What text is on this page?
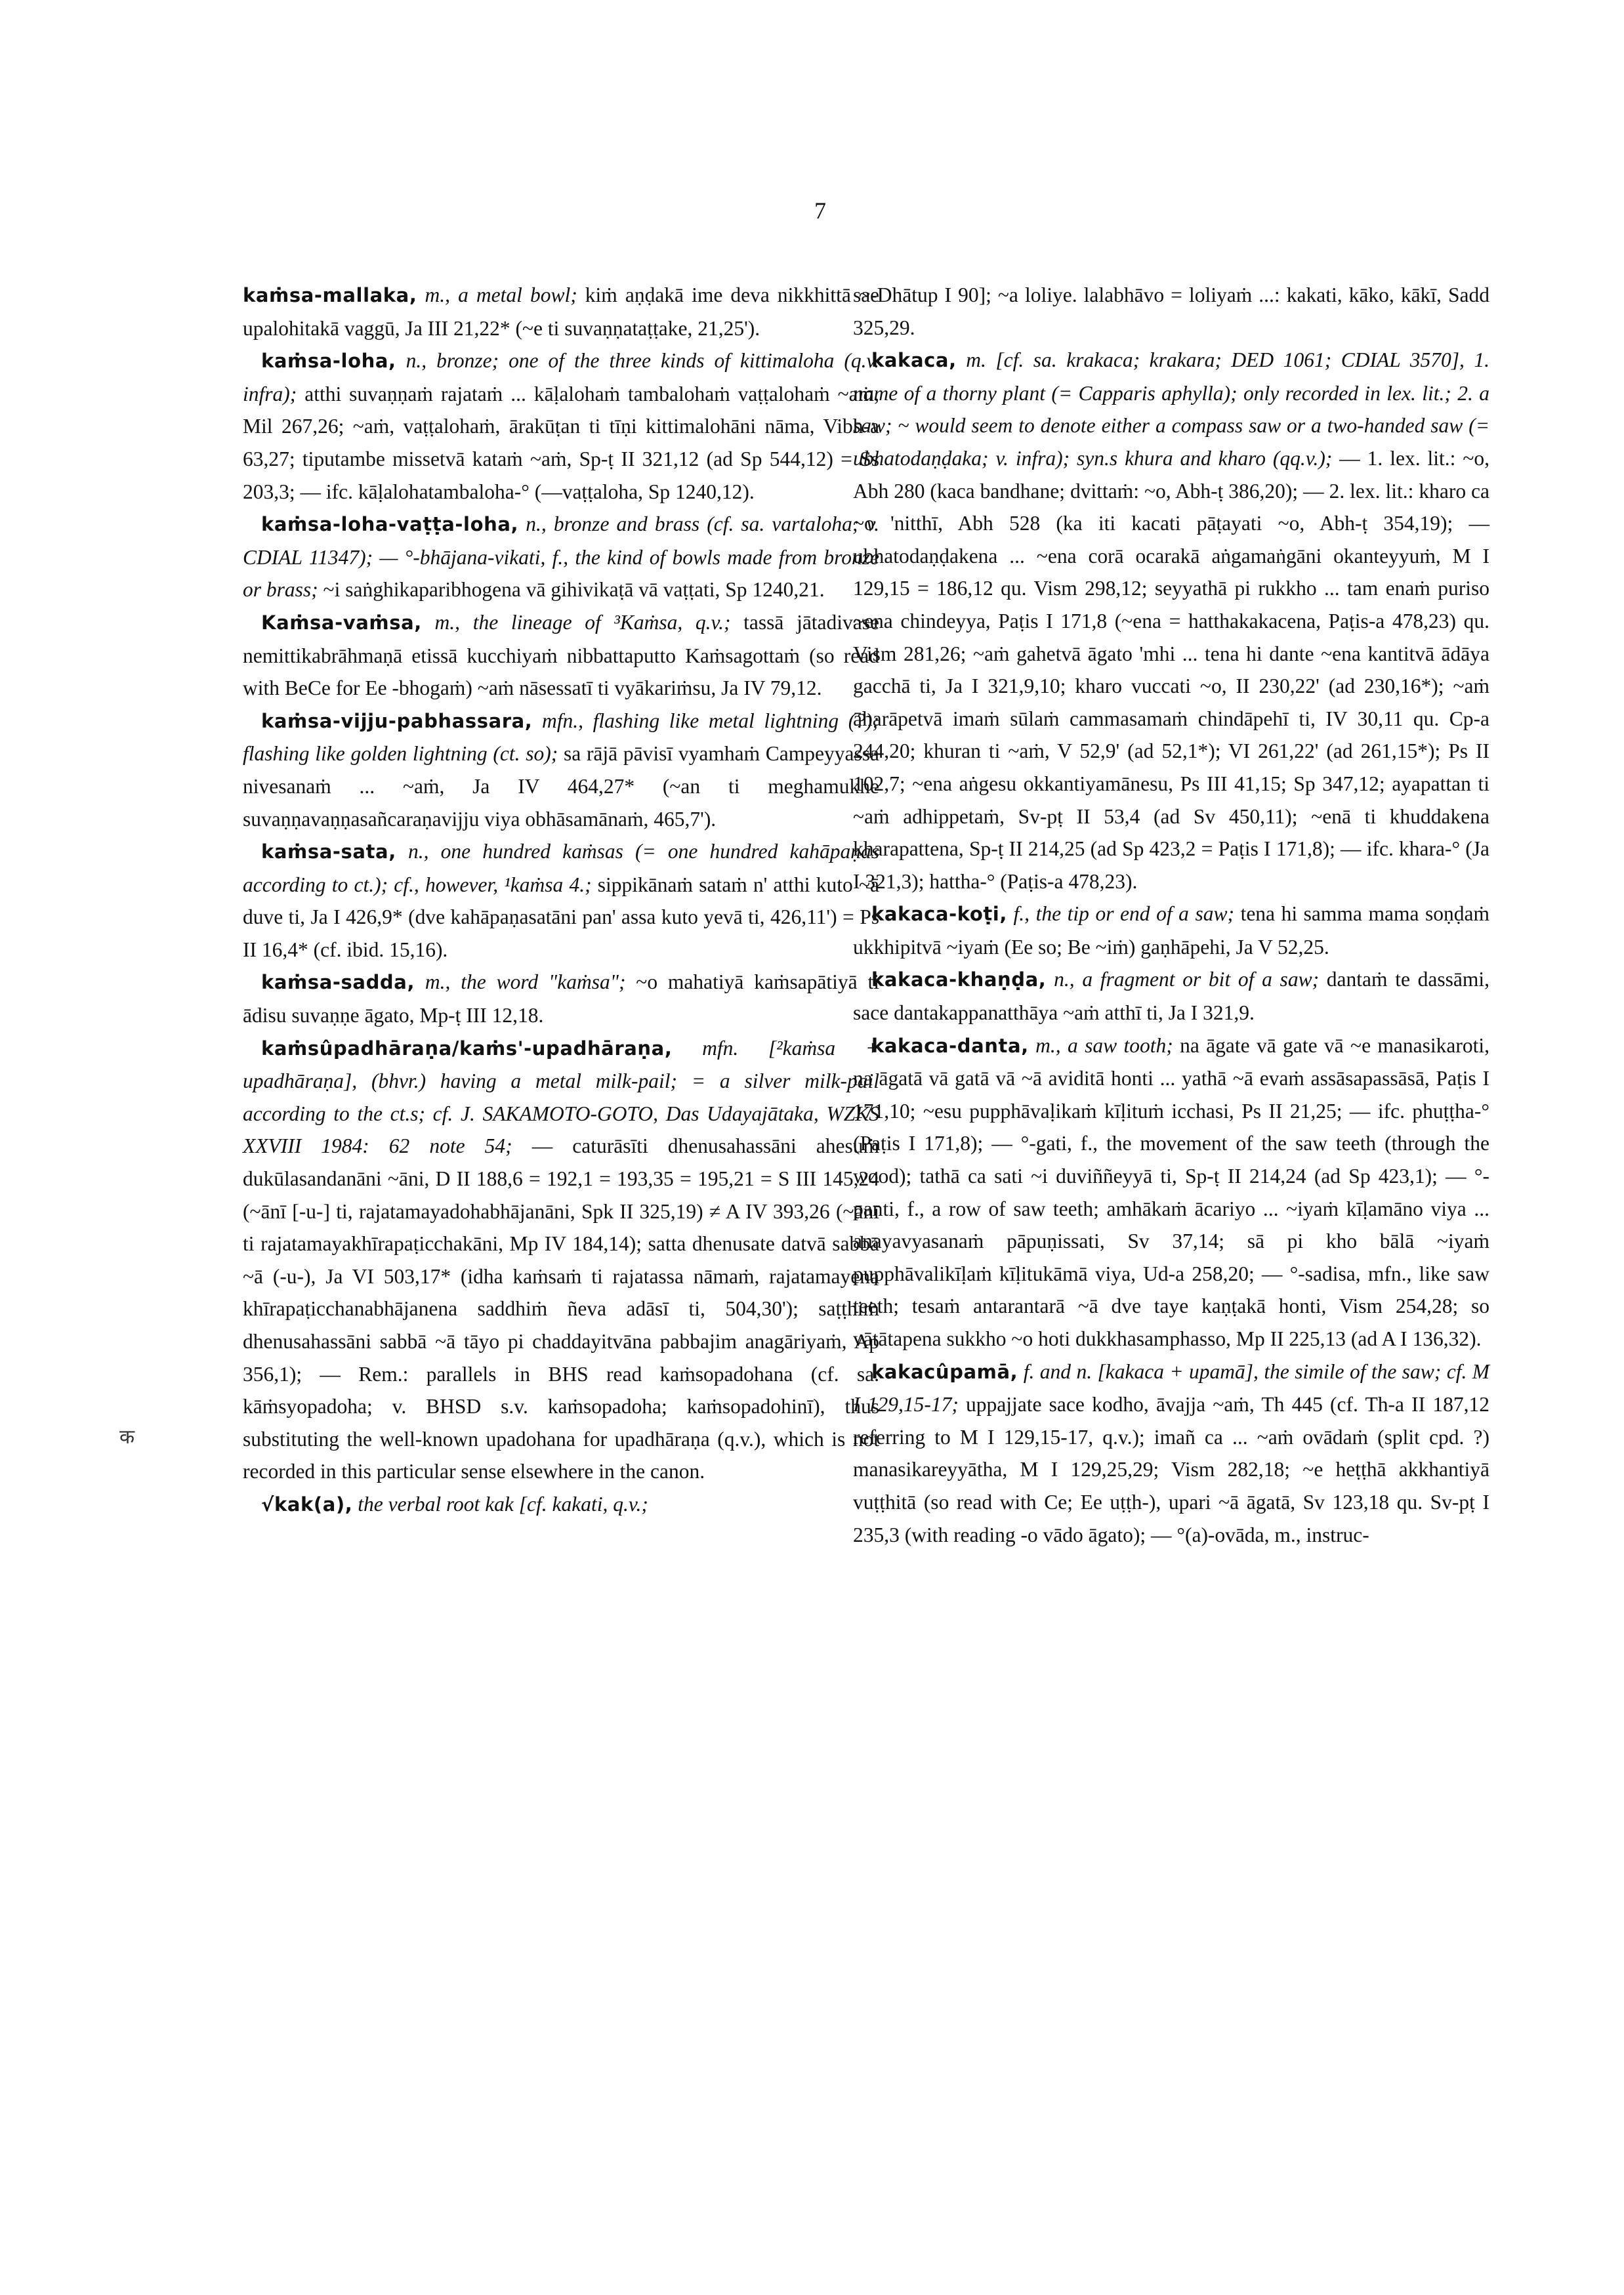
7
क

kaṁsa-mallaka, m., a metal bowl; kiṁ aṇḍakā ime deva nikkhittā ~e upalohitakā vaggū, Ja III 21,22* (~e ti suvaṇṇataṭṭake, 21,25').

kaṁsa-loha, n., bronze; one of the three kinds of kittimaloha (q.v. infra); atthi suvaṇṇaṁ rajataṁ ... kāḷalohaṁ tambalohaṁ vaṭṭalohaṁ ~aṁ, Mil 267,26; ~aṁ, vaṭṭalohaṁ, ārakūṭan ti tīṇi kittimalohāni nāma, Vibh-a 63,27; tiputambe missetvā kataṁ ~aṁ, Sp-ṭ II 321,12 (ad Sp 544,12) = Ss 203,3; — ifc. kāḷalohatambaloha-° (—vaṭṭaloha, Sp 1240,12).

kaṁsa-loha-vaṭṭa-loha, n., bronze and brass (cf. sa. vartaloha; v. CDIAL 11347); — °-bhājana-vikati, f., the kind of bowls made from bronze or brass; ~i saṅghikaparibhogena vā gihivikaṭā vā vaṭṭati, Sp 1240,21.

Kaṁsa-vaṁsa, m., the lineage of ³Kaṁsa, q.v.; tassā jātadivase nemittikabrāhmaṇā etissā kucchiyaṁ nibbattaputto Kaṁsagottaṁ (so read with BeCe for Ee -bhogaṁ) ~aṁ nāsessatī ti vyākariṁsu, Ja IV 79,12.

kaṁsa-vijju-pabhassara, mfn., flashing like metal lightning (?); flashing like golden lightning (ct. so); sa rājā pāvisī vyamhaṁ Campeyyassa nivesanaṁ ... ~aṁ, Ja IV 464,27* (~an ti meghamukhe suvaṇṇavaṇṇasañcaraṇavijju viya obhāsamānaṁ, 465,7').

kaṁsa-sata, n., one hundred kaṁsas (= one hundred kahāpaṇas according to ct.); cf., however, ¹kaṁsa 4.; sippikānaṁ sataṁ n' atthi kuto ~ā duve ti, Ja I 426,9* (dve kahāpaṇasatāni pan' assa kuto yevā ti, 426,11') = Ps II 16,4* (cf. ibid. 15,16).

kaṁsa-sadda, m., the word "kaṁsa"; ~o mahatiyā kaṁsapātiyā ti ādisu suvaṇṇe āgato, Mp-ṭ III 12,18.

kaṁsûpadhāraṇa/kaṁs'-upadhāraṇa, mfn. [²kaṁsa + upadhāraṇa], (bhvr.) having a metal milk-pail; = a silver milk-pail according to the ct.s; cf. J. SAKAMOTO-GOTO, Das Udayajātaka, WZKS XXVIII 1984: 62 note 54; — caturāsīti dhenusahassāni ahesuṁ dukūlasandanāni ~āni, D II 188,6 = 192,1 = 193,35 = 195,21 = S III 145,24 (~ānī [-u-] ti, rajatamayadohabhājanāni, Spk II 325,19) ≠ A IV 393,26 (~ānī ti rajatamayakhīrapaṭicchakāni, Mp IV 184,14); satta dhenusate datvā sabbā ~ā (-u-), Ja VI 503,17* (idha kaṁsaṁ ti rajatassa nāmaṁ, rajatamayena khīrapaṭicchanabhājanena saddhiṁ ñeva adāsī ti, 504,30'); saṭṭhiṁ dhenusahassāni sabbā ~ā tāyo pi chaddayitvāna pabbajim anagāriyaṁ, Ap 356,1); — Rem.: parallels in BHS read kaṁsopadohana (cf. sa. kāṁsyopadoha; v. BHSD s.v. kaṁsopadoha; kaṁsopadohinī), thus substituting the well-known upadohana for upadhāraṇa (q.v.), which is not recorded in this particular sense elsewhere in the canon.

√kak(a), the verbal root kak [cf. kakati, q.v.;

sa-Dhātup I 90]; ~a loliye. lalabhāvo = loliyaṁ ...: kakati, kāko, kākī, Sadd 325,29.

kakaca, m. [cf. sa. krakaca; krakara; DED 1061; CDIAL 3570], 1. name of a thorny plant (= Capparis aphylla); only recorded in lex. lit.; 2. a saw; ~ would seem to denote either a compass saw or a two-handed saw (= ubhatodaṇḍaka; v. infra); syn.s khura and kharo (qq.v.); — 1. lex. lit.: ~o, Abh 280 (kaca bandhane; dvittaṁ: ~o, Abh-ṭ 386,20); — 2. lex. lit.: kharo ca ~o 'nitthī, Abh 528 (ka iti kacati pāṭayati ~o, Abh-ṭ 354,19); — ubhatodaṇḍakena ... ~ena corā ocarakā aṅgamaṅgāni okanteyyuṁ, M I 129,15 = 186,12 qu. Vism 298,12; seyyathā pi rukkho ... tam enaṁ puriso ~ena chindeyya, Paṭis I 171,8 (~ena = hatthakakacena, Paṭis-a 478,23) qu. Vism 281,26; ~aṁ gahetvā āgato 'mhi ... tena hi dante ~ena kantitvā ādāya gacchā ti, Ja I 321,9,10; kharo vuccati ~o, II 230,22' (ad 230,16*); ~aṁ āharāpetvā imaṁ sūlaṁ cammasamaṁ chindāpehī ti, IV 30,11 qu. Cp-a 244,20; khuran ti ~aṁ, V 52,9' (ad 52,1*); VI 261,22' (ad 261,15*); Ps II 102,7; ~ena aṅgesu okkantiyamānesu, Ps III 41,15; Sp 347,12; ayapattan ti ~aṁ adhippetaṁ, Sv-pṭ II 53,4 (ad Sv 450,11); ~enā ti khuddakena kharapattena, Sp-ṭ II 214,25 (ad Sp 423,2 = Paṭis I 171,8); — ifc. khara-° (Ja I 321,3); hattha-° (Paṭis-a 478,23).

kakaca-koṭi, f., the tip or end of a saw; tena hi samma mama soṇḍaṁ ukkhipitvā ~iyaṁ (Ee so; Be ~iṁ) gaṇhāpehi, Ja V 52,25.

kakaca-khaṇḍa, n., a fragment or bit of a saw; dantaṁ te dassāmi, sace dantakappanatthāya ~aṁ atthī ti, Ja I 321,9.

kakaca-danta, m., a saw tooth; na āgate vā gate vā ~e manasikaroti, na āgatā vā gatā vā ~ā aviditā honti ... yathā ~ā evaṁ assāsapassāsā, Paṭis I 171,10; ~esu pupphāvaḷikaṁ kīḷituṁ icchasi, Ps II 21,25; — ifc. phuṭṭha-° (Paṭis I 171,8); — °-gati, f., the movement of the saw teeth (through the wood); tathā ca sati ~i duviññeyyā ti, Sp-ṭ II 214,24 (ad Sp 423,1); — °-panti, f., a row of saw teeth; amhākaṁ ācariyo ... ~iyaṁ kīḷamāno viya ... anayavyasanaṁ pāpuṇissati, Sv 37,14; sā pi kho bālā ~iyaṁ pupphāvalikīḷaṁ kīḷitukāmā viya, Ud-a 258,20; — °-sadisa, mfn., like saw teeth; tesaṁ antarantarā ~ā dve taye kaṇṭakā honti, Vism 254,28; so vātātapena sukkho ~o hoti dukkhasamphasso, Mp II 225,13 (ad A I 136,32).

kakacûpamā, f. and n. [kakaca + upamā], the simile of the saw; cf. M I 129,15-17; uppajjate sace kodho, āvajja ~aṁ, Th 445 (cf. Th-a II 187,12 referring to M I 129,15-17, q.v.); imañ ca ... ~aṁ ovādaṁ (split cpd. ?) manasikareyyātha, M I 129,25,29; Vism 282,18; ~e heṭṭhā akkhantiyā vuṭṭhitā (so read with Ce; Ee uṭṭh-), upari ~ā āgatā, Sv 123,18 qu. Sv-pṭ I 235,3 (with reading -o vādo āgato); — °(a)-ovāda, m., instruc-
